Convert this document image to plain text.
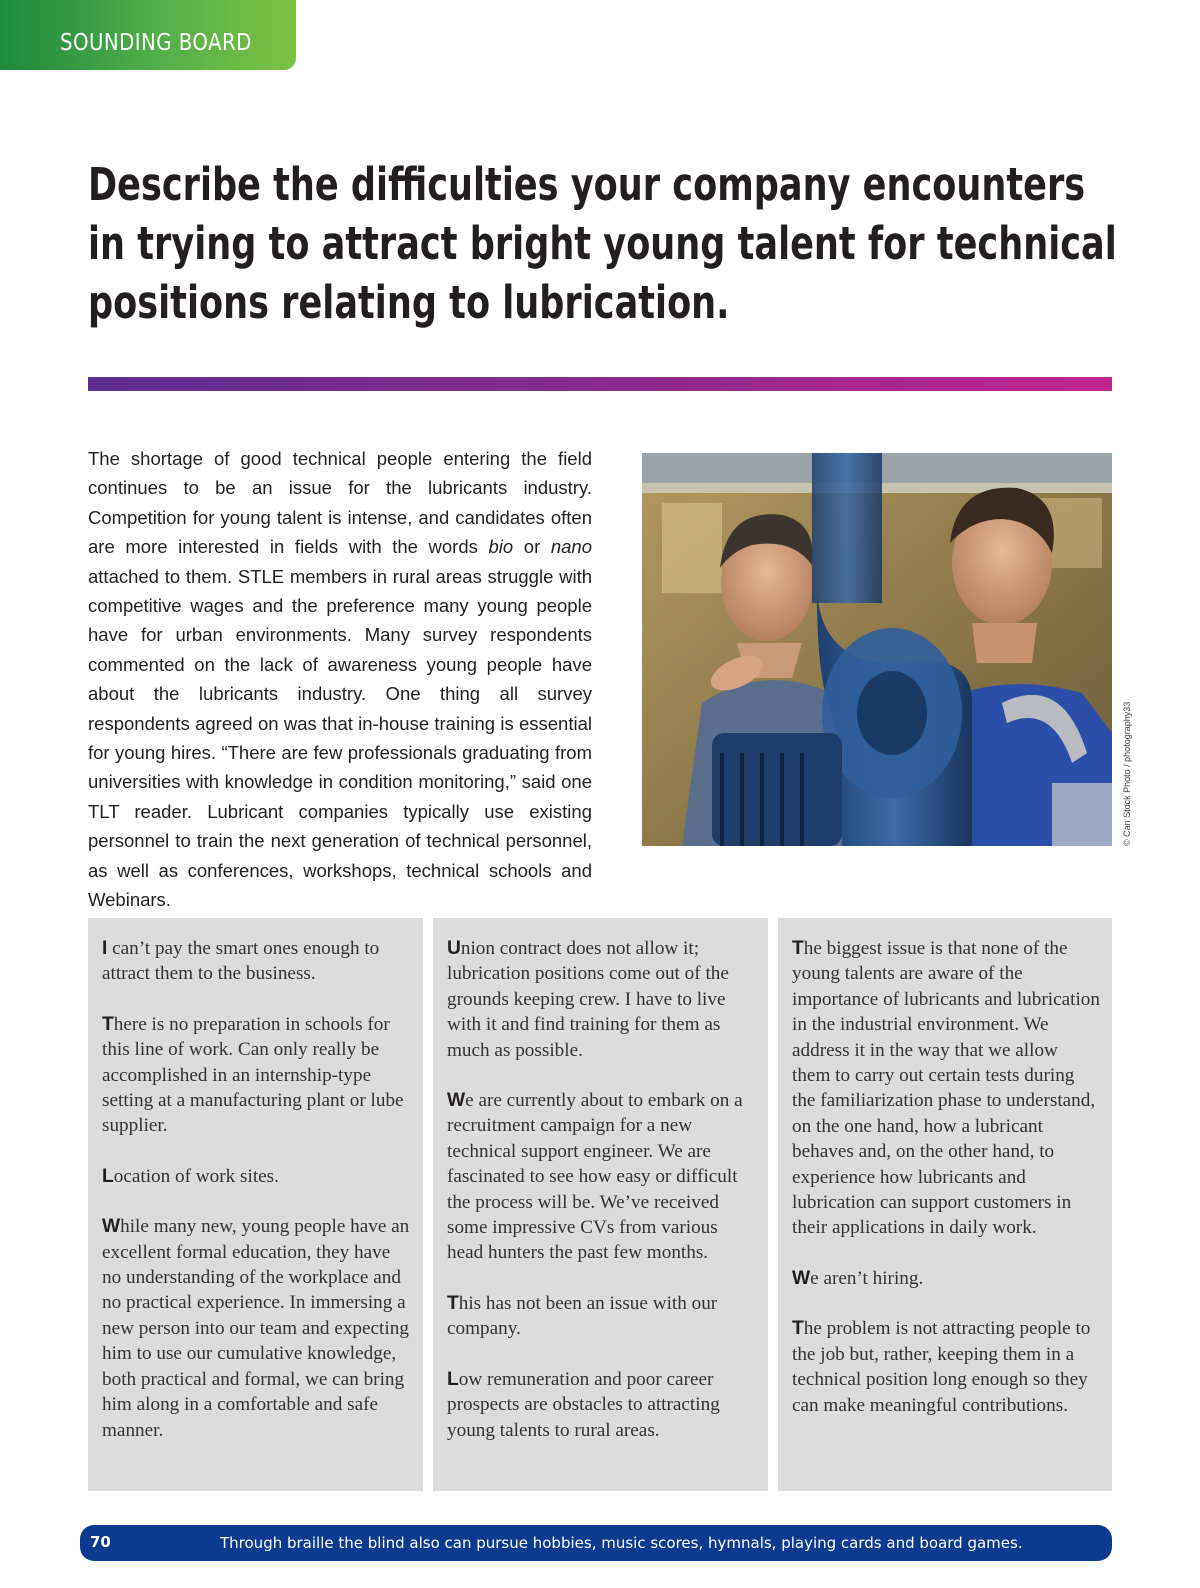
SOUNDING BOARD
Describe the difficulties your company encounters
in trying to attract bright young talent for technical
positions relating to lubrication.

The shortage of good technical people entering the field continues to be an issue for the lubricants industry. Competition for young talent is intense, and candidates often are more interested in fields with the words bio or nano attached to them. STLE members in rural areas struggle with competitive wages and the preference many young people have for urban environments. Many survey respondents commented on the lack of awareness young people have about the lubricants industry. One thing all survey respondents agreed on was that in-house training is essential for young hires. “There are few professionals graduating from universities with knowledge in condition monitoring,” said one TLT reader. Lubricant companies typically use existing personnel to train the next generation of technical personnel, as well as conferences, workshops, technical schools and Webinars.

© Can Stock Photo / photography33

I can’t pay the smart ones enough to attract them to the business.

There is no preparation in schools for this line of work. Can only really be accomplished in an internship-type setting at a manufacturing plant or lube supplier.

Location of work sites.

While many new, young people have an excellent formal education, they have no understanding of the workplace and no practical experience. In immersing a new person into our team and expecting him to use our cumulative knowledge, both practical and formal, we can bring him along in a comfortable and safe manner.

Union contract does not allow it; lubrication positions come out of the grounds keeping crew. I have to live with it and find training for them as much as possible.

We are currently about to embark on a recruitment campaign for a new technical support engineer. We are fascinated to see how easy or difficult the process will be. We’ve received some impressive CVs from various head hunters the past few months.

This has not been an issue with our company.

Low remuneration and poor career prospects are obstacles to attracting young talents to rural areas.

The biggest issue is that none of the young talents are aware of the importance of lubricants and lubrication in the industrial environment. We address it in the way that we allow them to carry out certain tests during the familiarization phase to understand, on the one hand, how a lubricant behaves and, on the other hand, to experience how lubricants and lubrication can support customers in their applications in daily work.

We aren’t hiring.

The problem is not attracting people to the job but, rather, keeping them in a technical position long enough so they can make meaningful contributions.

70	Through braille the blind also can pursue hobbies, music scores, hymnals, playing cards and board games.
